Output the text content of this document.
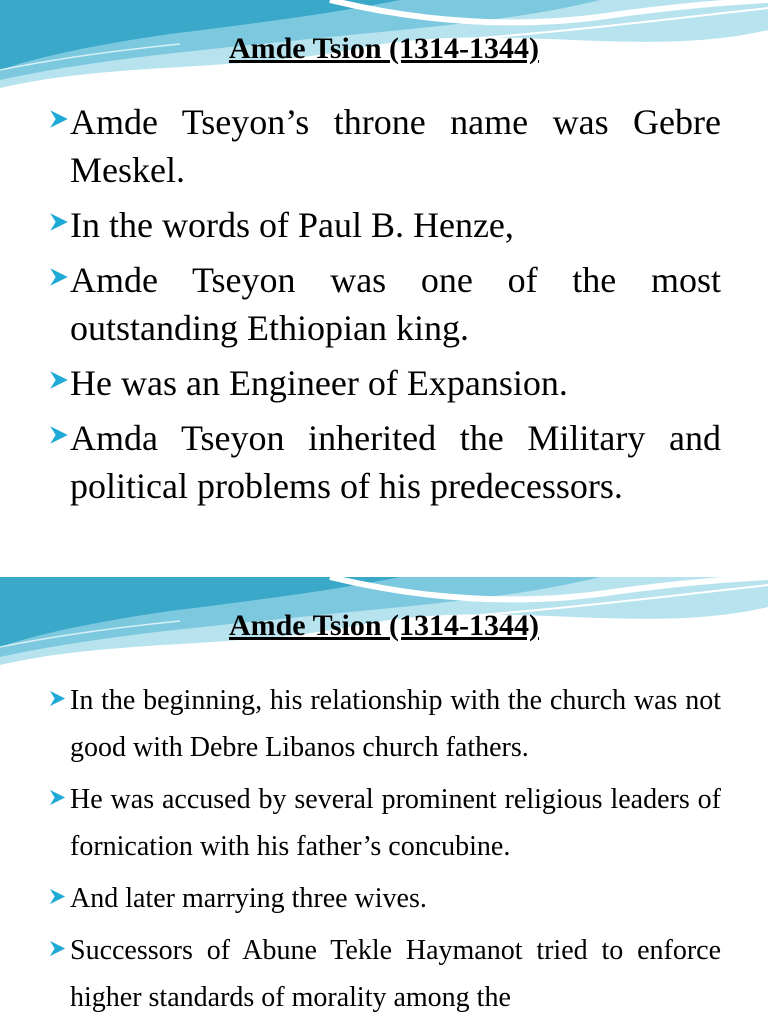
Amde Tsion (1314-1344)
Amde Tseyon’s throne name was Gebre Meskel.
In the words of Paul B. Henze,
Amde Tseyon was one of the most outstanding Ethiopian king.
He was an Engineer of Expansion.
Amda Tseyon inherited the Military and political problems of his predecessors.
Amde Tsion (1314-1344)
In the beginning, his relationship with the church was not good with Debre Libanos church fathers.
He was accused by several prominent religious leaders of fornication with his father’s concubine.
And later marrying three wives.
Successors of Abune Tekle Haymanot tried to enforce higher standards of morality among the
